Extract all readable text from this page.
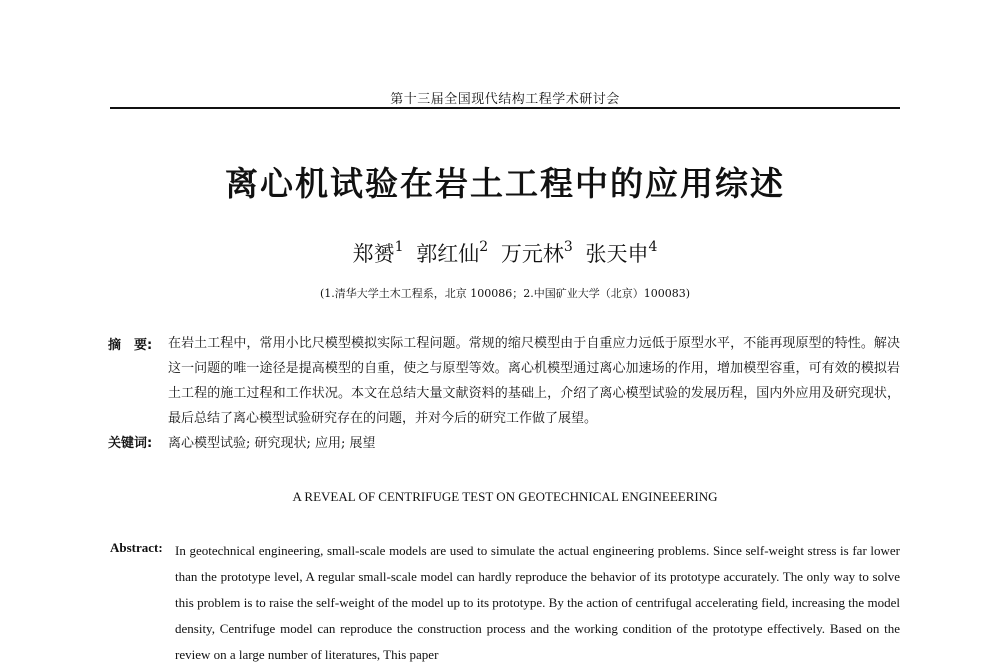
第十三届全国现代结构工程学术研讨会
离心机试验在岩土工程中的应用综述
郑赟$^1$ 郭红仙$^2$ 万元林$^3$ 张天申$^4$
(1.清华大学土木工程系，北京 100086；2.中国矿业大学（北京）100083)
摘　要: 在岩土工程中，常用小比尺模型模拟实际工程问题。常规的缩尺模型由于自重应力远低于原型水平，不能再现原型的特性。解决这一问题的唯一途径是提高模型的自重，使之与原型等效。离心机模型通过离心加速场的作用，增加模型容重，可有效的模拟岩土工程的施工过程和工作状况。本文在总结大量文献资料的基础上，介绍了离心模型试验的发展历程，国内外应用及研究现状，最后总结了离心模型试验研究存在的问题，并对今后的研究工作做了展望。
关键词: 离心模型试验; 研究现状; 应用; 展望
A REVEAL OF CENTRIFUGE TEST ON GEOTECHNICAL ENGINEEERING
Abstract: In geotechnical engineering, small-scale models are used to simulate the actual engineering problems. Since self-weight stress is far lower than the prototype level, A regular small-scale model can hardly reproduce the behavior of its prototype accurately. The only way to solve this problem is to raise the self-weight of the model up to its prototype. By the action of centrifugal accelerating field, increasing the model density, Centrifuge model can reproduce the construction process and the working condition of the prototype effectively. Based on the review on a large number of literatures, This paper
